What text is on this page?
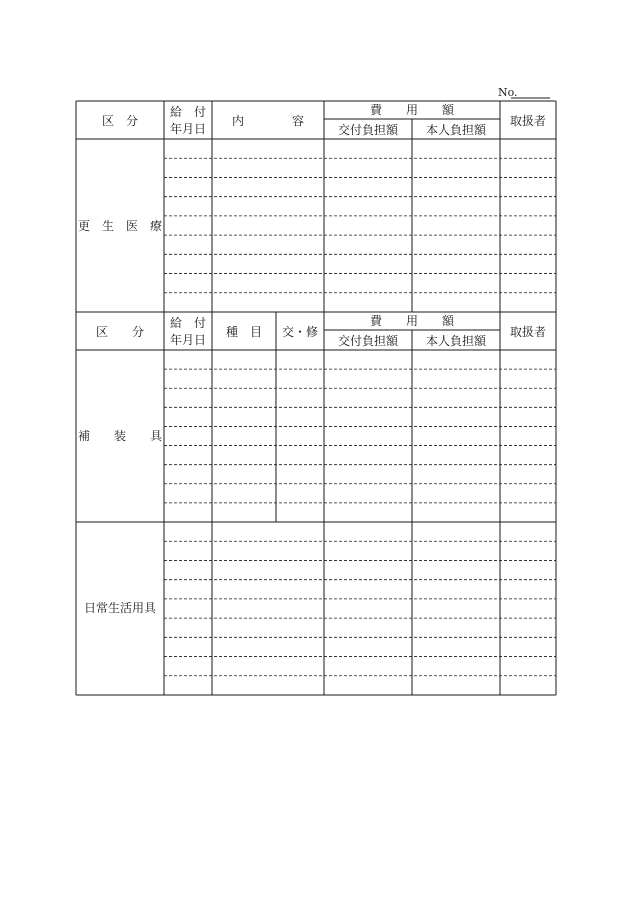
No.
区　分
給　付
年月日
内　　　　容
費　　用　　額
交付負担額 本人負担額
取扱者
更　生　医　療
区　　分
給　付
年月日
種　目 交・修
費　　用　　額
交付負担額 本人負担額
取扱者
補　　装　　具
日常生活用具
